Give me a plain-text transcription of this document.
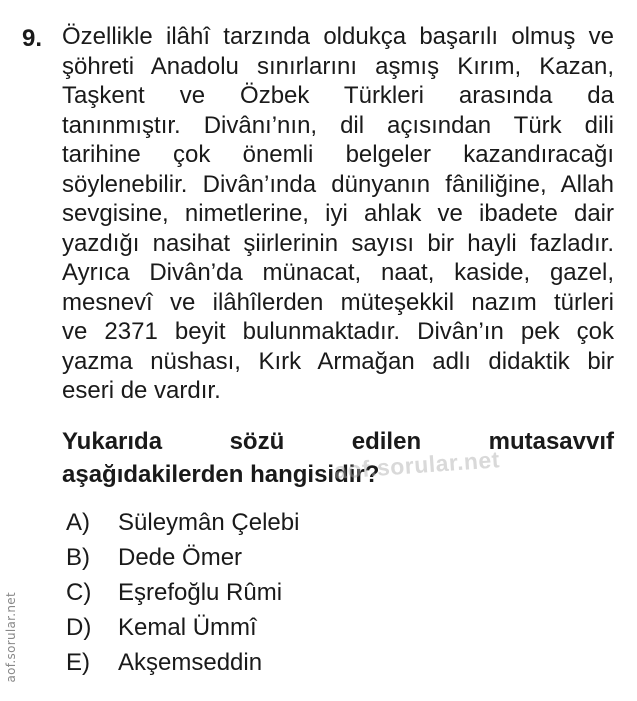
9. Özellikle ilâhî tarzında oldukça başarılı olmuş ve
şöhreti Anadolu sınırlarını aşmış Kırım, Kazan,
Taşkent ve Özbek Türkleri arasında da
tanınmıştır. Divânı’nın, dil açısından Türk dili
tarihine çok önemli belgeler kazandıracağı
söylenebilir. Divân’ında dünyanın fâniliğine, Allah
sevgisine, nimetlerine, iyi ahlak ve ibadete dair
yazdığı nasihat şiirlerinin sayısı bir hayli fazladır.
Ayrıca Divân’da münacat, naat, kaside, gazel,
mesnevî ve ilâhîlerden müteşekkil nazım türleri
ve 2371 beyit bulunmaktadır. Divân’ın pek çok
yazma nüshası, Kırk Armağan adlı didaktik bir
eseri de vardır.
Yukarıda sözü edilen mutasavvıf
aşağıdakilerden hangisidir?
aof.sorular.net
A)	Süleymân Çelebi
B)	Dede Ömer
C)	Eşrefoğlu Rûmi
D)	Kemal Ümmî
E)	Akşemseddin
aof.sorular.net
